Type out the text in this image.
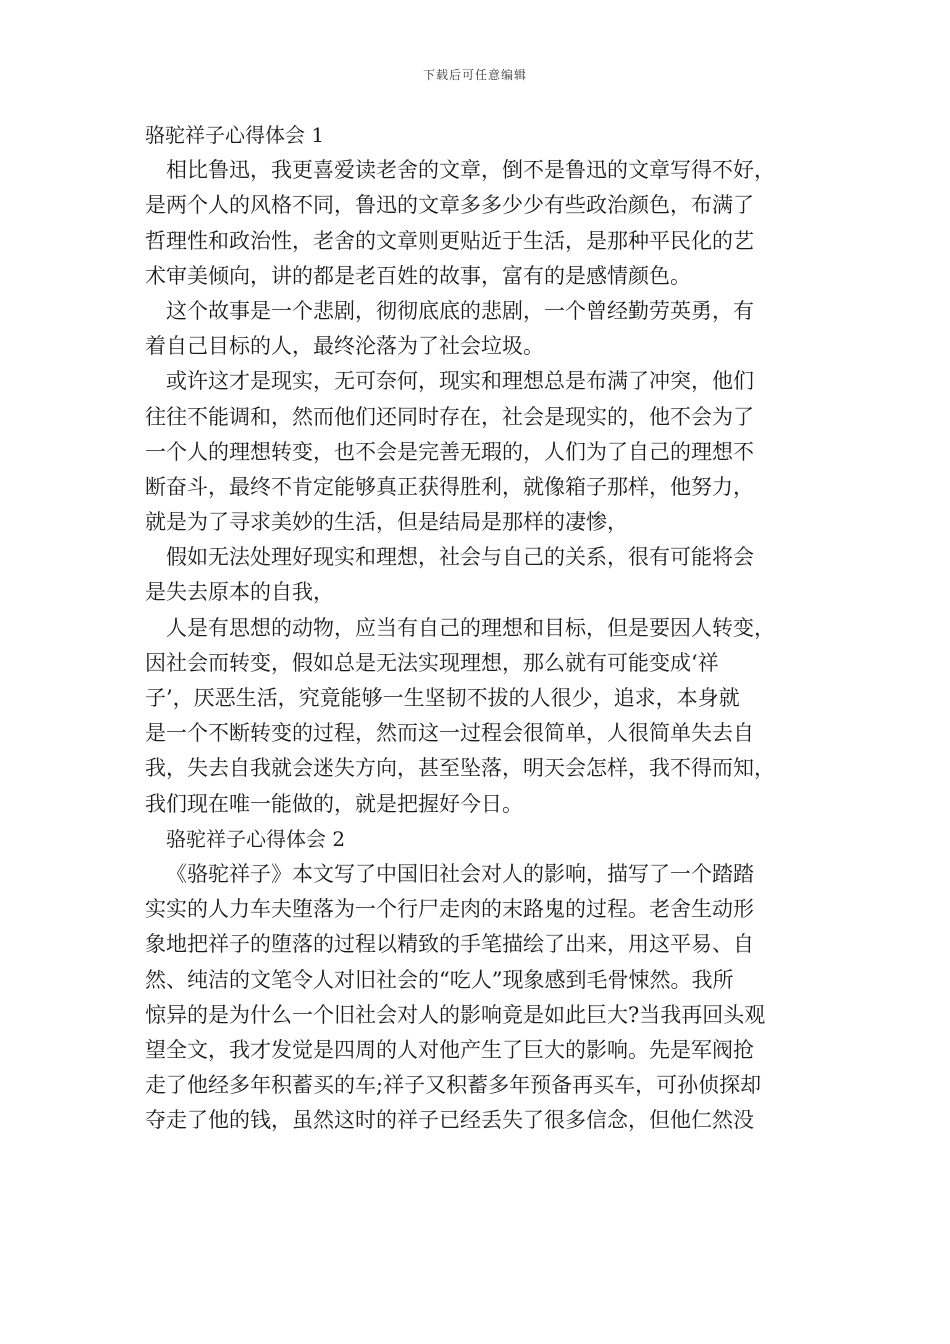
下载后可任意编辑
骆驼祥子心得体会 1
相比鲁迅，我更喜爱读老舍的文章，倒不是鲁迅的文章写得不好，
是两个人的风格不同，鲁迅的文章多多少少有些政治颜色，布满了
哲理性和政治性，老舍的文章则更贴近于生活，是那种平民化的艺
术审美倾向，讲的都是老百姓的故事，富有的是感情颜色。
这个故事是一个悲剧，彻彻底底的悲剧，一个曾经勤劳英勇，有
着自己目标的人，最终沦落为了社会垃圾。
或许这才是现实，无可奈何，现实和理想总是布满了冲突，他们
往往不能调和，然而他们还同时存在，社会是现实的，他不会为了
一个人的理想转变，也不会是完善无瑕的，人们为了自己的理想不
断奋斗，最终不肯定能够真正获得胜利，就像箱子那样，他努力，
就是为了寻求美妙的生活，但是结局是那样的凄惨，
假如无法处理好现实和理想，社会与自己的关系，很有可能将会
是失去原本的自我，
人是有思想的动物，应当有自己的理想和目标，但是要因人转变，
因社会而转变，假如总是无法实现理想，那么就有可能变成‘祥
子’，厌恶生活，究竟能够一生坚韧不拔的人很少，追求，本身就
是一个不断转变的过程，然而这一过程会很简单，人很简单失去自
我，失去自我就会迷失方向，甚至坠落，明天会怎样，我不得而知，
我们现在唯一能做的，就是把握好今日。
骆驼祥子心得体会 2
《骆驼祥子》本文写了中国旧社会对人的影响，描写了一个踏踏
实实的人力车夫堕落为一个行尸走肉的末路鬼的过程。老舍生动形
象地把祥子的堕落的过程以精致的手笔描绘了出来，用这平易、自
然、纯洁的文笔令人对旧社会的“吃人”现象感到毛骨悚然。我所
惊异的是为什么一个旧社会对人的影响竟是如此巨大?当我再回头观
望全文，我才发觉是四周的人对他产生了巨大的影响。先是军阀抢
走了他经多年积蓄买的车;祥子又积蓄多年预备再买车，可孙侦探却
夺走了他的钱，虽然这时的祥子已经丢失了很多信念，但他仁然没
